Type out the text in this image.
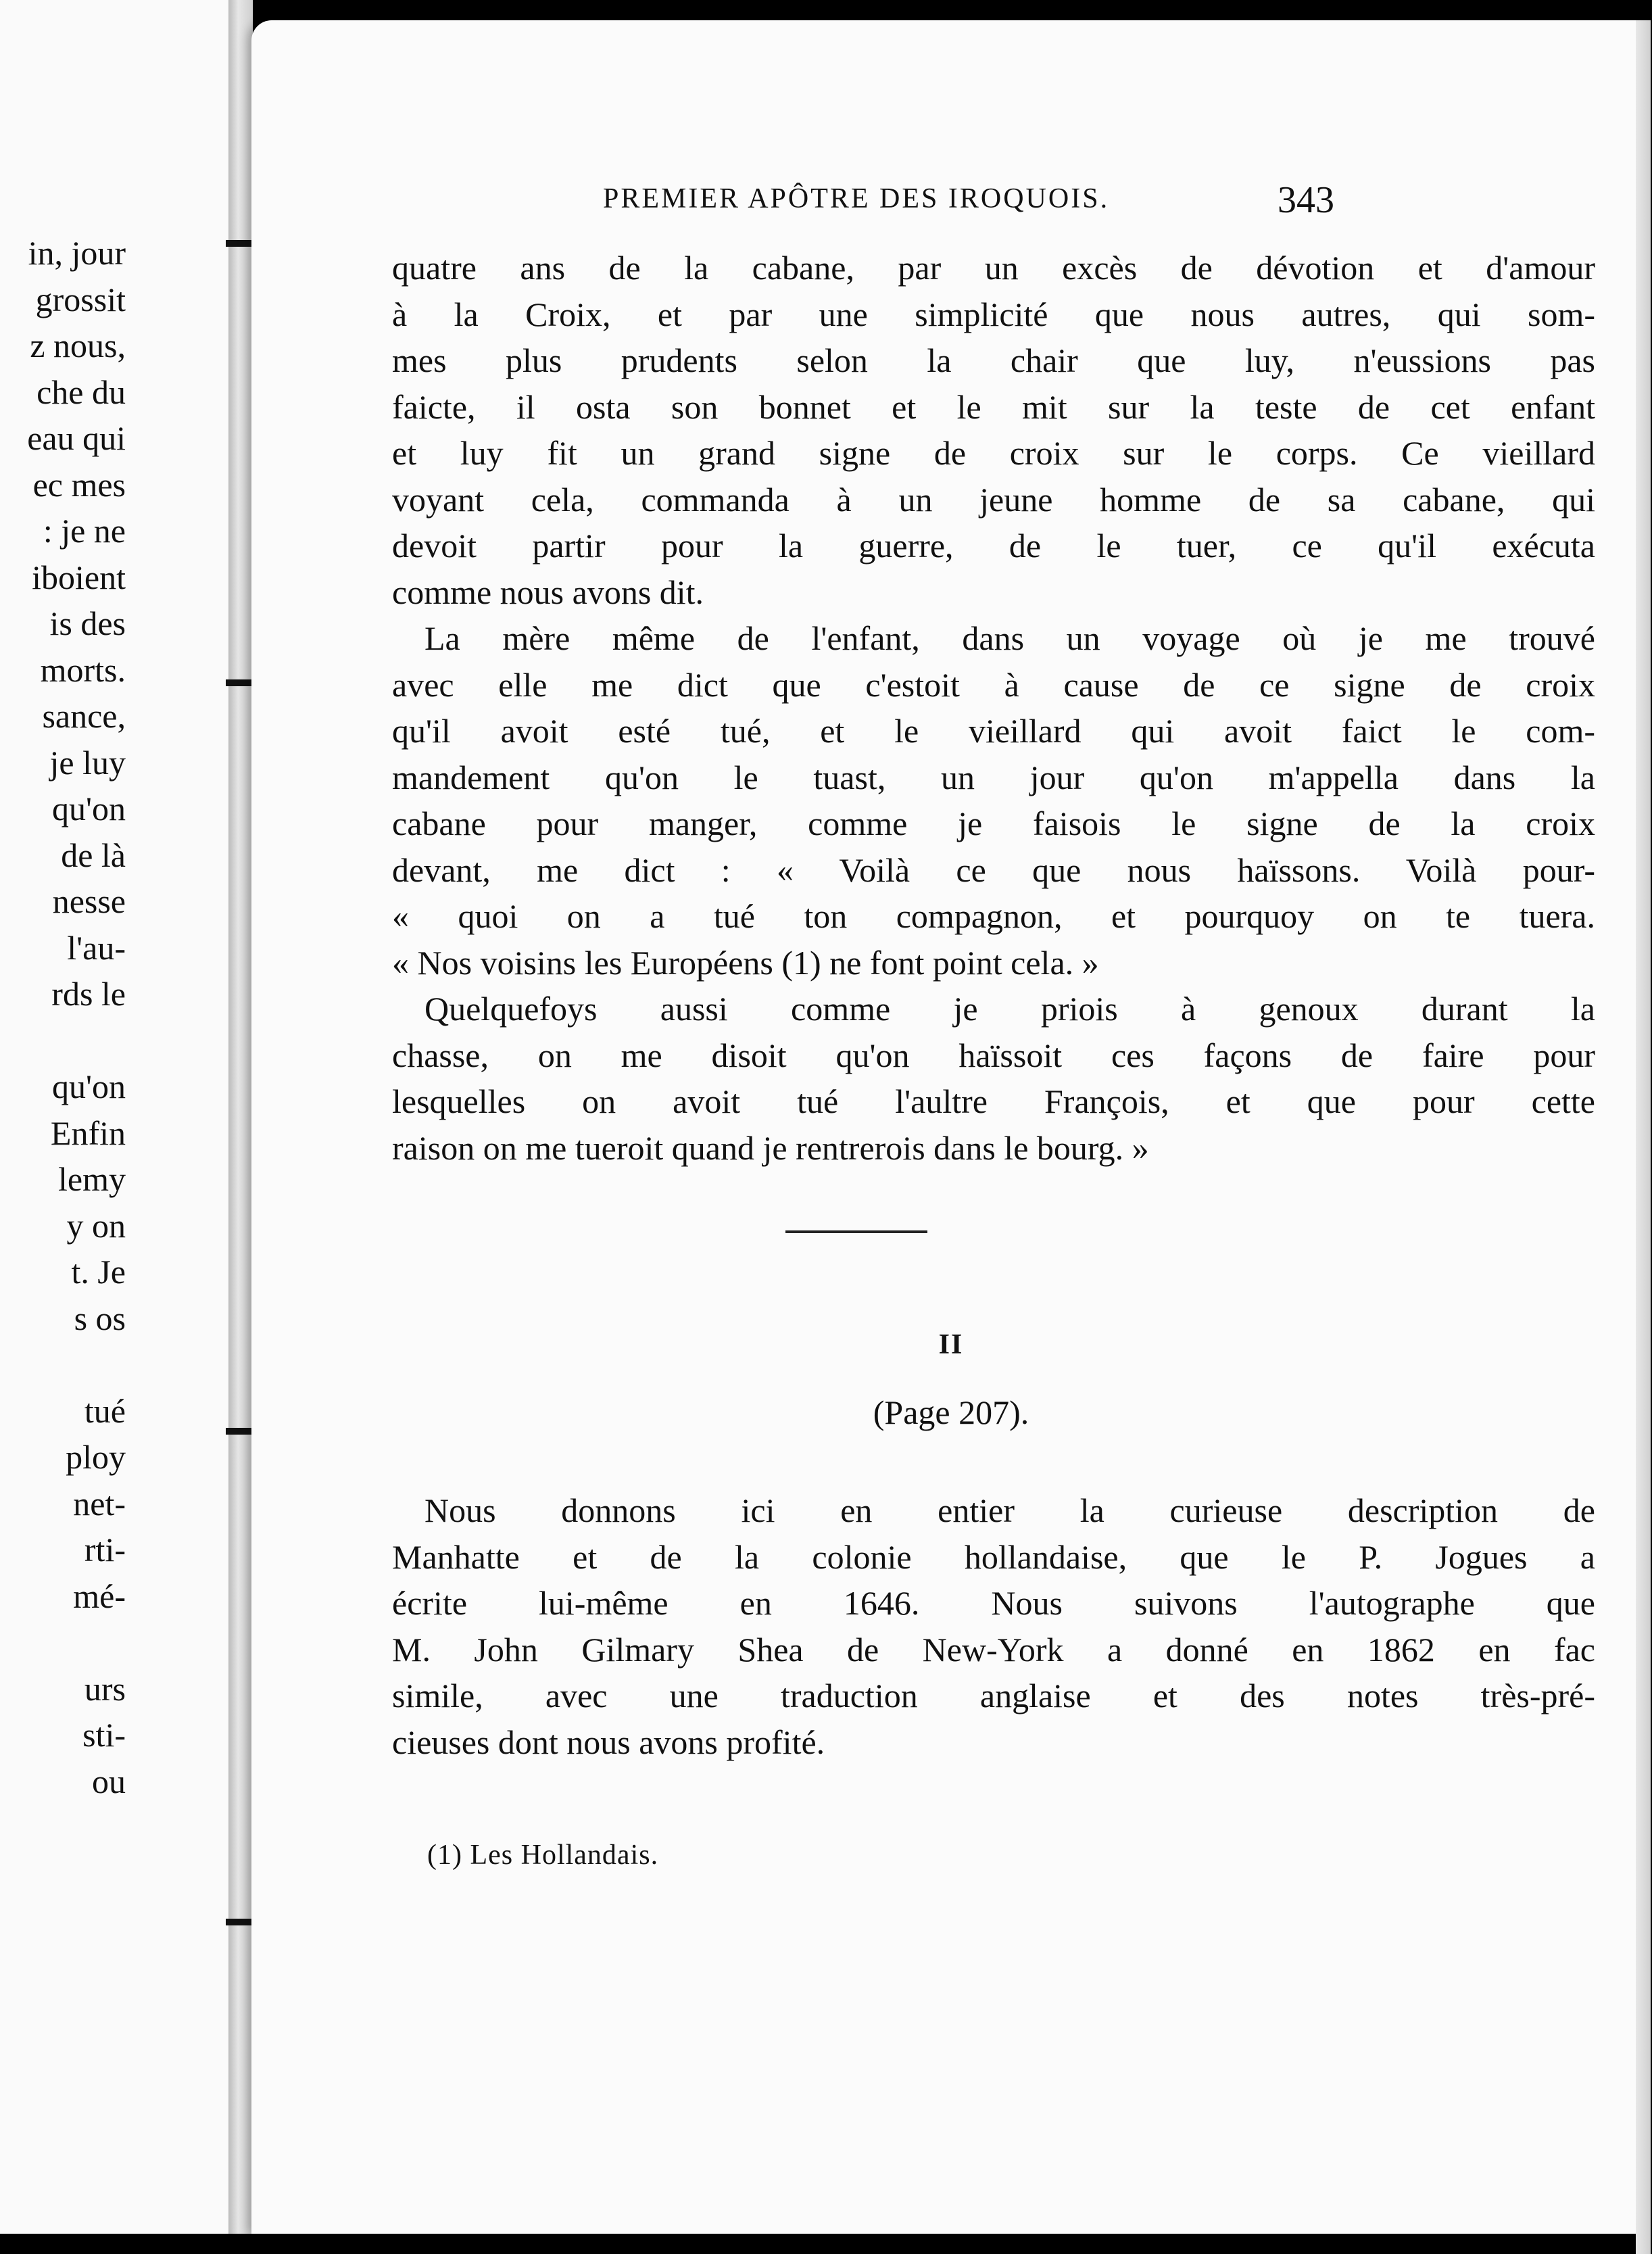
in, jour
grossit
z nous,
che du
eau qui
ec mes
: je ne
iboient
is des
morts.
sance,
je luy
qu'on
de là
nesse
l'au-
rds le
qu'on
Enfin
lemy
y on
t. Je
s os
tué
ploy
net-
rti-
mé-
urs
sti-
ou
PREMIER APÔTRE DES IROQUOIS.	343
quatre ans de la cabane, par un excès de dévotion et d'amour
à la Croix, et par une simplicité que nous autres, qui som-
mes plus prudents selon la chair que luy, n'eussions pas
faicte, il osta son bonnet et le mit sur la teste de cet enfant
et luy fit un grand signe de croix sur le corps. Ce vieillard
voyant cela, commanda à un jeune homme de sa cabane, qui
devoit partir pour la guerre, de le tuer, ce qu'il exécuta
comme nous avons dit.
La mère même de l'enfant, dans un voyage où je me trouvé
avec elle me dict que c'estoit à cause de ce signe de croix
qu'il avoit esté tué, et le vieillard qui avoit faict le com-
mandement qu'on le tuast, un jour qu'on m'appella dans la
cabane pour manger, comme je faisois le signe de la croix
devant, me dict : « Voilà ce que nous haïssons. Voilà pour-
« quoi on a tué ton compagnon, et pourquoy on te tuera.
« Nos voisins les Européens (1) ne font point cela. »
Quelquefoys aussi comme je priois à genoux durant la
chasse, on me disoit qu'on haïssoit ces façons de faire pour
lesquelles on avoit tué l'aultre François, et que pour cette
raison on me tueroit quand je rentrerois dans le bourg. »
II
(Page 207).
Nous donnons ici en entier la curieuse description de
Manhatte et de la colonie hollandaise, que le P. Jogues a
écrite lui-même en 1646. Nous suivons l'autographe que
M. John Gilmary Shea de New-York a donné en 1862 en fac
simile, avec une traduction anglaise et des notes très-pré-
cieuses dont nous avons profité.
(1) Les Hollandais.
